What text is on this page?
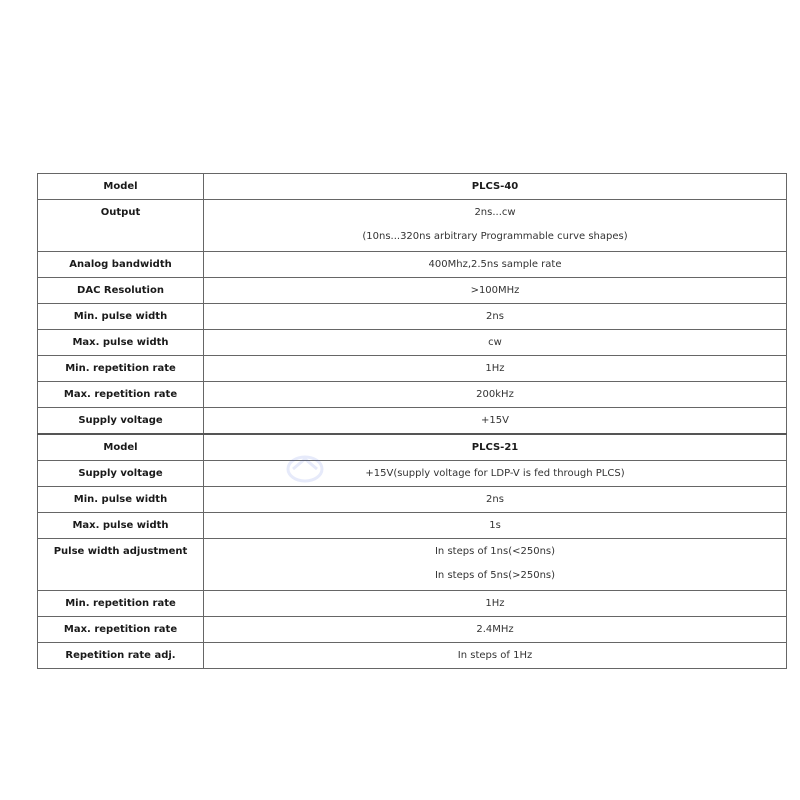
Model	PLCS-40

Output	2ns...cw
(10ns...320ns arbitrary Programmable curve shapes)

Analog bandwidth	400Mhz,2.5ns sample rate

DAC Resolution	>100MHz

Min. pulse width	2ns

Max. pulse width	cw

Min. repetition rate	1Hz

Max. repetition rate	200kHz

Supply voltage	+15V

Model	PLCS-21

Supply voltage	+15V(supply voltage for LDP-V is fed through PLCS)

Min. pulse width	2ns

Max. pulse width	1s

Pulse width adjustment	In steps of 1ns(<250ns)
In steps of 5ns(>250ns)

Min. repetition rate	1Hz

Max. repetition rate	2.4MHz

Repetition rate adj.	In steps of 1Hz
